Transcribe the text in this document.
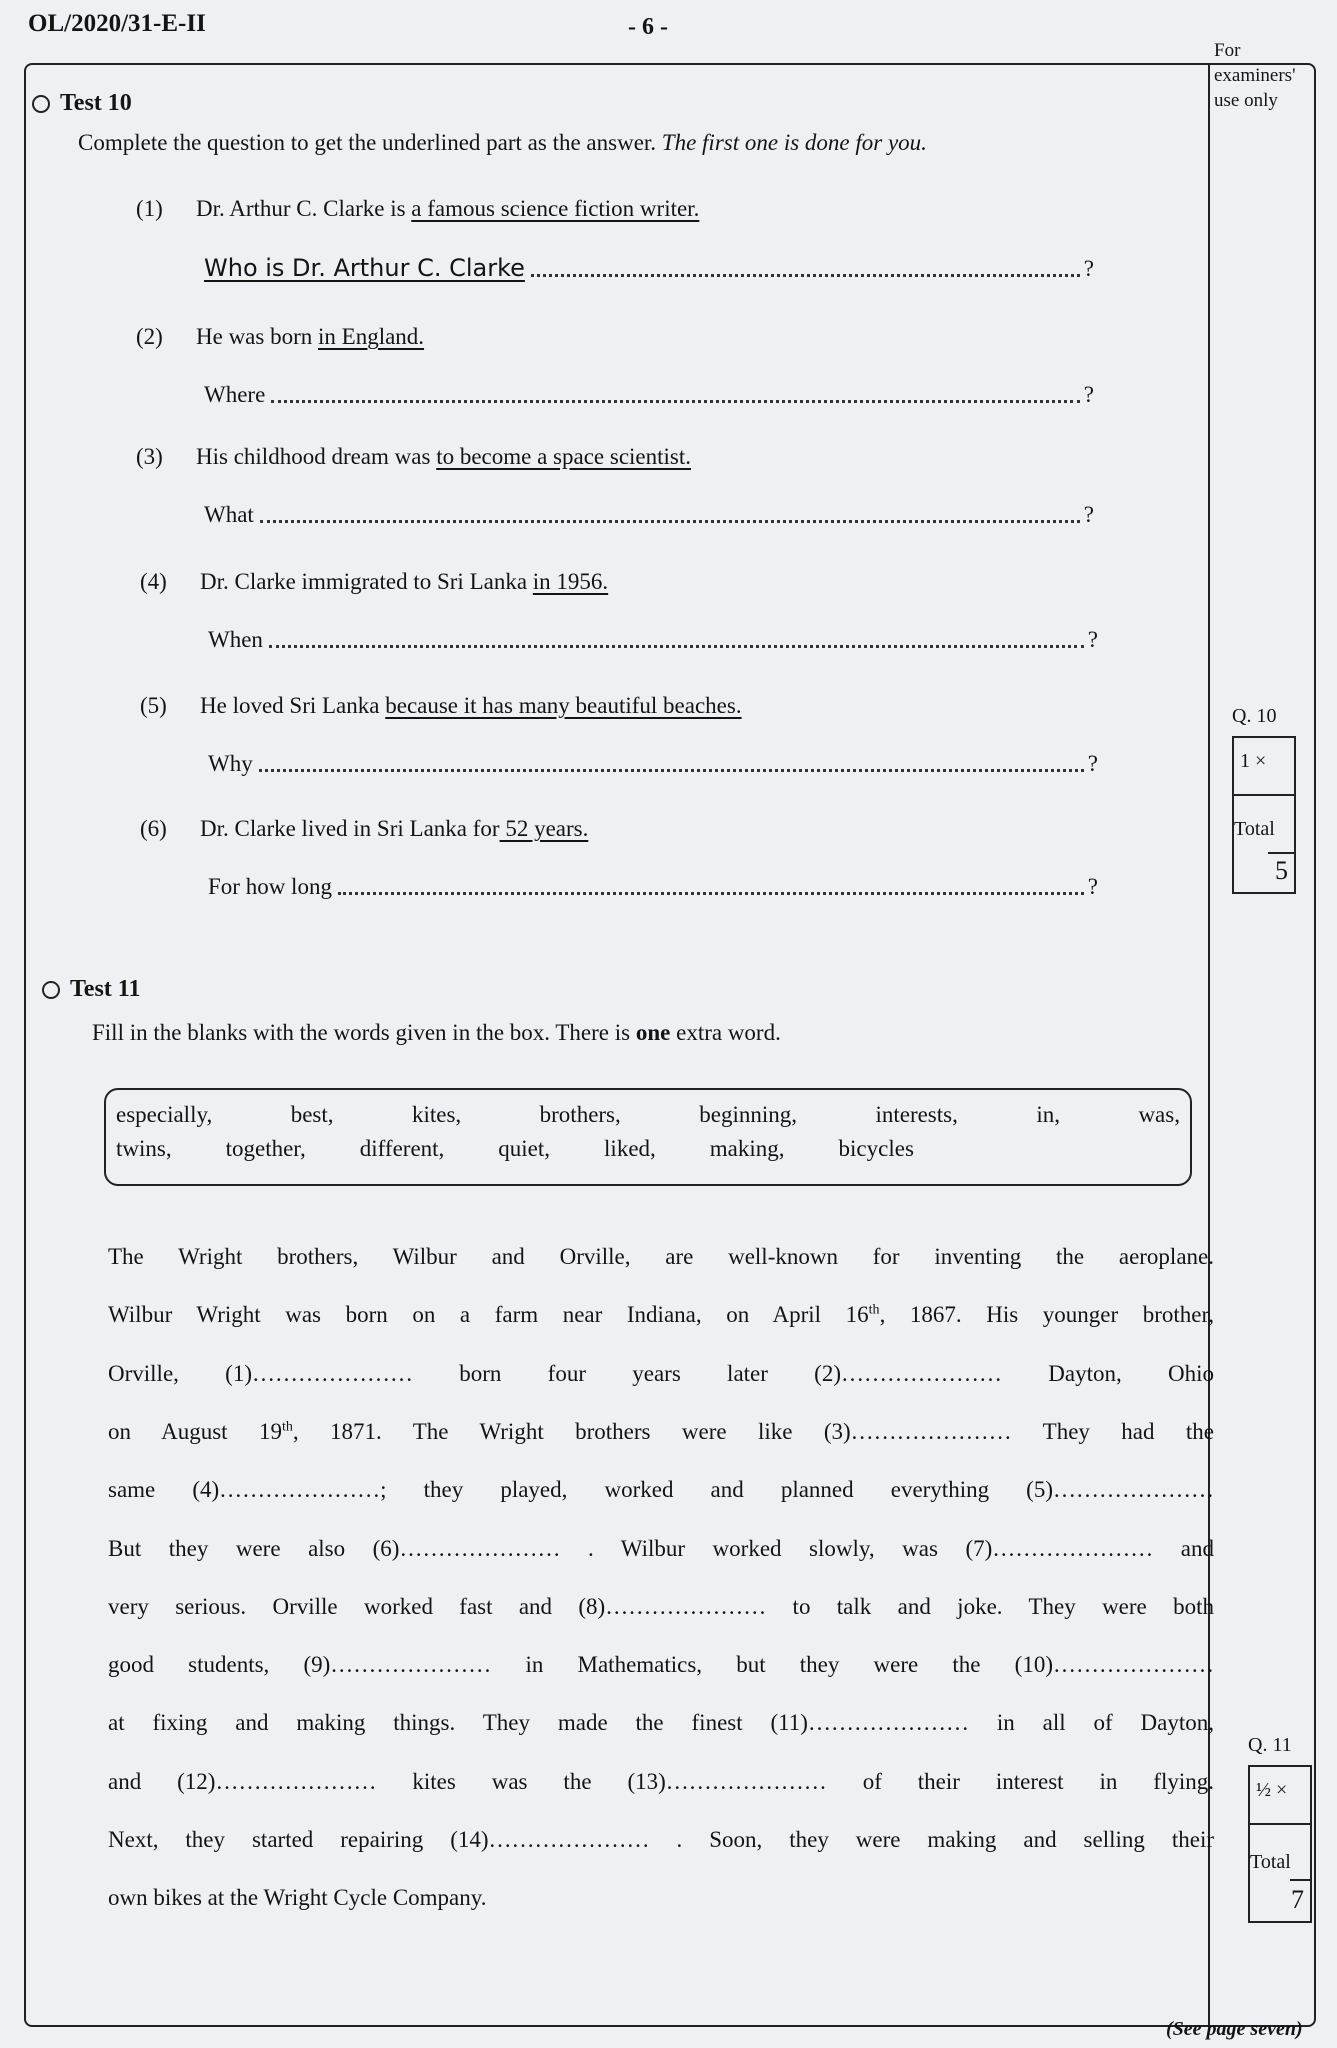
OL/2020/31-E-II	- 6 -
For examiners' use only
Test 10
Complete the question to get the underlined part as the answer. The first one is done for you.
(1)	Dr. Arthur C. Clarke is a famous science fiction writer.
Who is Dr. Arthur C. Clarke	?
(2)	He was born in England.
Where	?
(3)	His childhood dream was to become a space scientist.
What	?
(4)	Dr. Clarke immigrated to Sri Lanka in 1956.
When	?
(5)	He loved Sri Lanka because it has many beautiful beaches.
Why	?
(6)	Dr. Clarke lived in Sri Lanka for 52 years.
For how long	?
Q. 10
1 ×
Total
5
Test 11
Fill in the blanks with the words given in the box. There is one extra word.
especially,	best,	kites,	brothers,	beginning,	interests,	in,	was,
twins, together, different, quiet, liked, making, bicycles
The Wright brothers, Wilbur and Orville, are well-known for inventing the aeroplane.
Wilbur Wright was born on a farm near Indiana, on April 16th, 1867. His younger brother,
Orville, (1)………………… born four years later (2)………………… Dayton, Ohio
on August 19th, 1871. The Wright brothers were like (3)………………… They had the
same (4)…………………; they played, worked and planned everything (5)…………………
But they were also (6)………………… . Wilbur worked slowly, was (7)………………… and
very serious. Orville worked fast and (8)………………… to talk and joke. They were both
good students, (9)………………… in Mathematics, but they were the (10)…………………
at fixing and making things. They made the finest (11)………………… in all of Dayton,
and (12)………………… kites was the (13)………………… of their interest in flying.
Next, they started repairing (14)………………… . Soon, they were making and selling their
own bikes at the Wright Cycle Company.
Q. 11
½ ×
Total
7
(See page seven)
